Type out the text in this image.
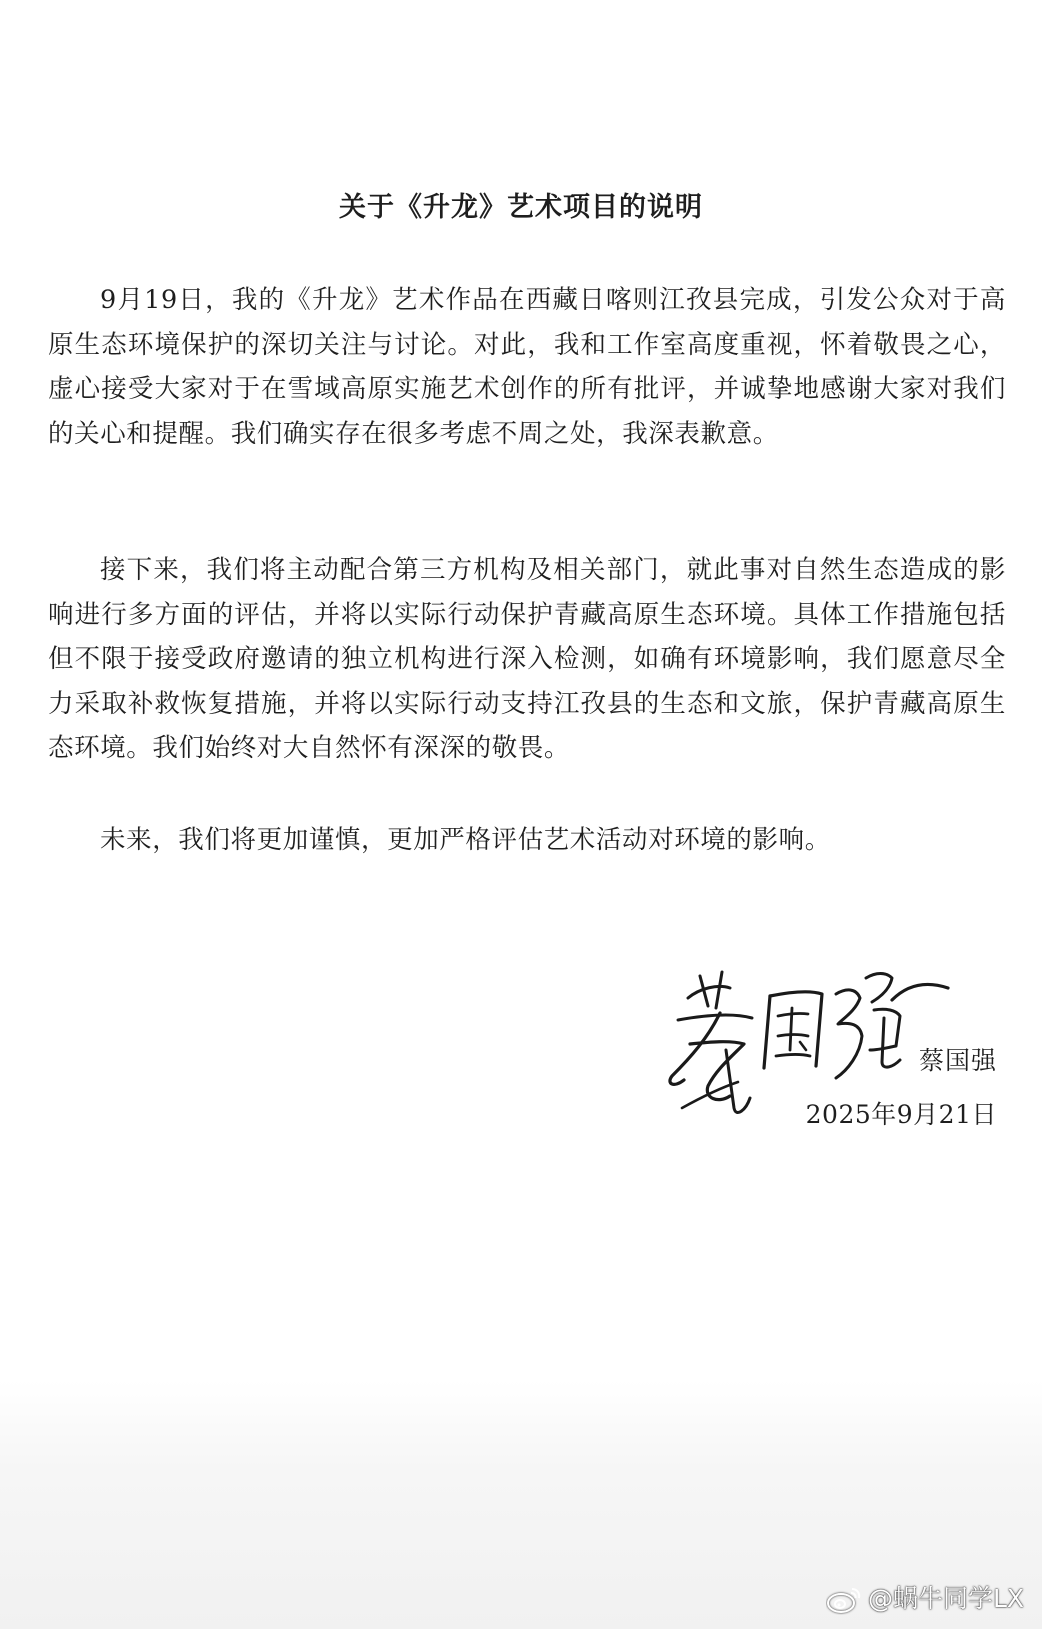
关于《升龙》艺术项目的说明

9月19日，我的《升龙》艺术作品在西藏日喀则江孜县完成，引发公众对于高原生态环境保护的深切关注与讨论。对此，我和工作室高度重视，怀着敬畏之心，虚心接受大家对于在雪域高原实施艺术创作的所有批评，并诚挚地感谢大家对我们的关心和提醒。我们确实存在很多考虑不周之处，我深表歉意。

接下来，我们将主动配合第三方机构及相关部门，就此事对自然生态造成的影响进行多方面的评估，并将以实际行动保护青藏高原生态环境。具体工作措施包括但不限于接受政府邀请的独立机构进行深入检测，如确有环境影响，我们愿意尽全力采取补救恢复措施，并将以实际行动支持江孜县的生态和文旅，保护青藏高原生态环境。我们始终对大自然怀有深深的敬畏。

未来，我们将更加谨慎，更加严格评估艺术活动对环境的影响。

蔡国强
2025年9月21日
@蜗牛同学LX
